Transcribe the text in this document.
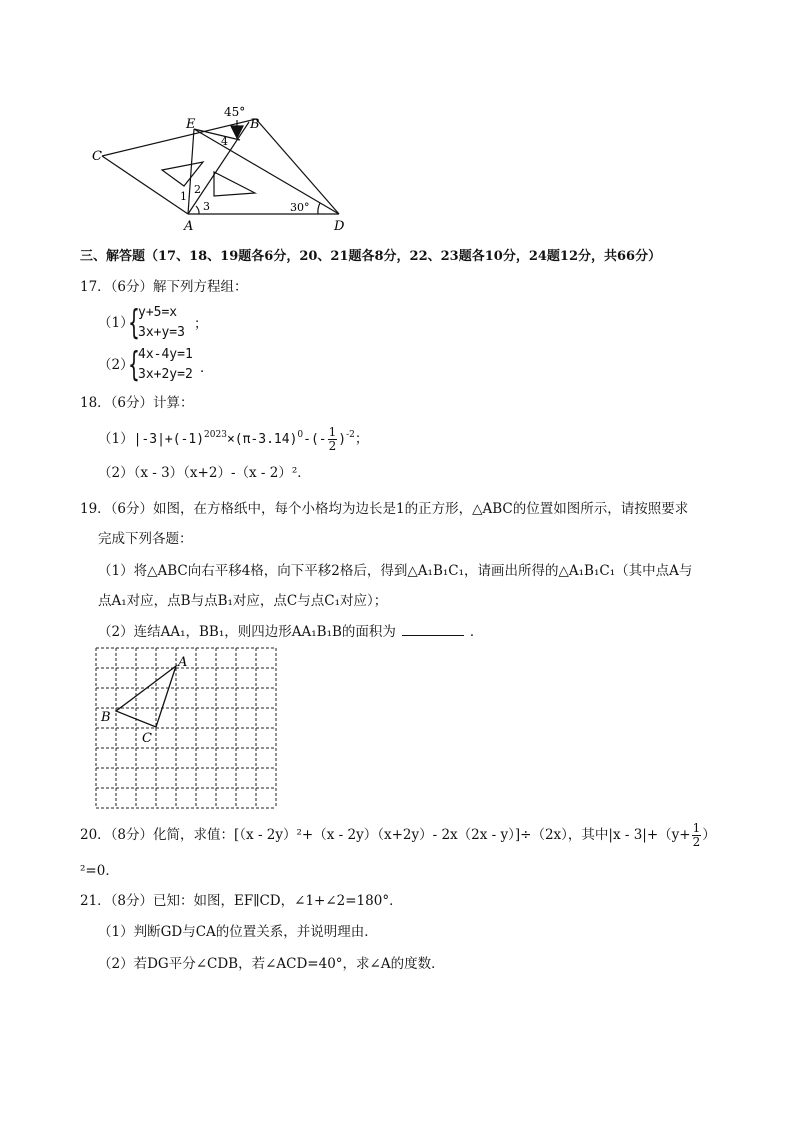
45°
E	B
C
A	D
1
2
3
4
30°
三、解答题（17、18、19题各6分，20、21题各8分，22、23题各10分，24题12分，共66分）
17．（6分）解下列方程组：
（1）
{
y+5=x
3x+y=3
；
（2）
{
4x-4y=1
3x+2y=2 ．
18．（6分）计算：
$(1)|-3|+(-1)^{2023}\times(\pi-3.14)^0-(- \frac{1}{2} )^{-2}$；
（2）（x - 3）（x+2）-（x - 2）²．
19．（6分）如图，在方格纸中，每个小格均为边长是1的正方形，△ABC的位置如图所示，请按照要求
完成下列各题：
（1）将△ABC向右平移4格，向下平移2格后，得到△A₁B₁C₁，请画出所得的△A₁B₁C₁（其中点A与
点A₁对应，点B与点B₁对应，点C与点C₁对应）；
（2）连结AA₁，BB₁，则四边形AA₁B₁B的面积为	．
A
B
C
20．（8分）化简，求值：[（x - 2y）²+（x - 2y）（x+2y）- 2x（2x - y）]÷（2x），其中$|x - 3|+(y+ \frac{1}{2}$ ）
²=0．
21．（8分）已知：如图，EF∥CD，∠1+∠2=180°．
（1）判断GD与CA的位置关系，并说明理由．
（2）若DG平分∠CDB，若∠ACD=40°，求∠A的度数．
